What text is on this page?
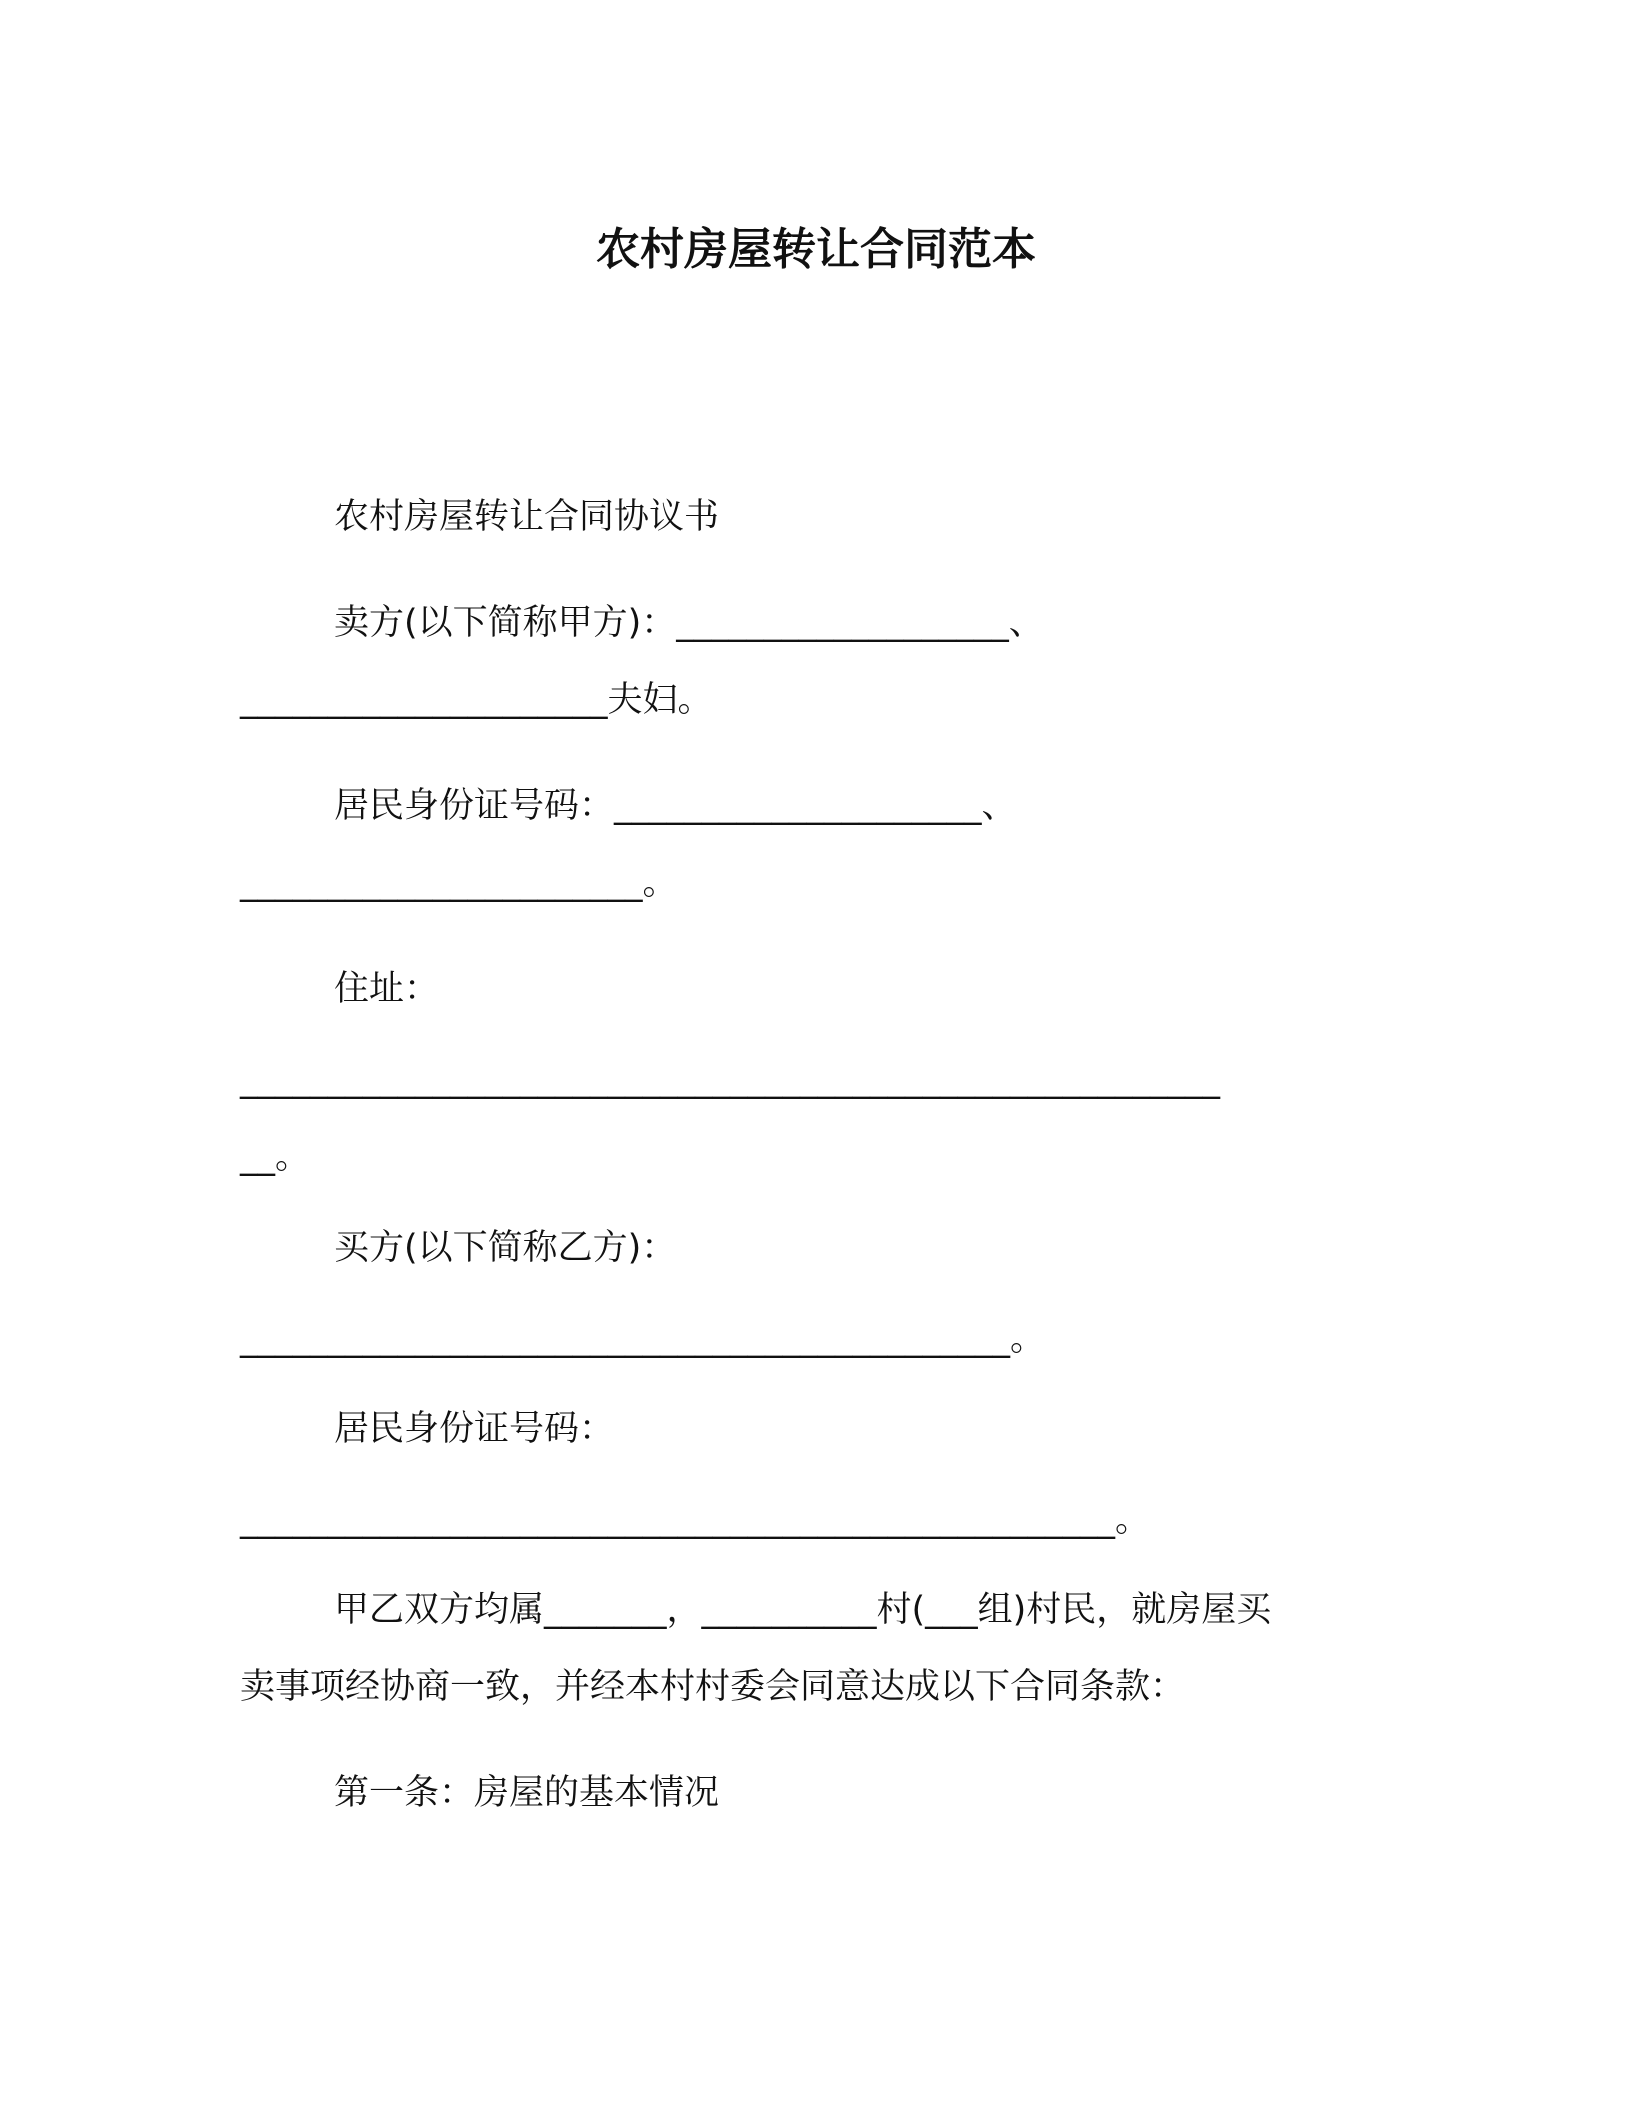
农村房屋转让合同范本
农村房屋转让合同协议书
卖方(以下简称甲方)：___________________、
_____________________夫妇。
居民身份证号码：_____________________、
_______________________。
住址：
________________________________________________________
__。
买方(以下简称乙方)：
____________________________________________。
居民身份证号码：
__________________________________________________。
甲乙双方均属_______，__________村(___组)村民，就房屋买
卖事项经协商一致，并经本村村委会同意达成以下合同条款：
第一条：房屋的基本情况
